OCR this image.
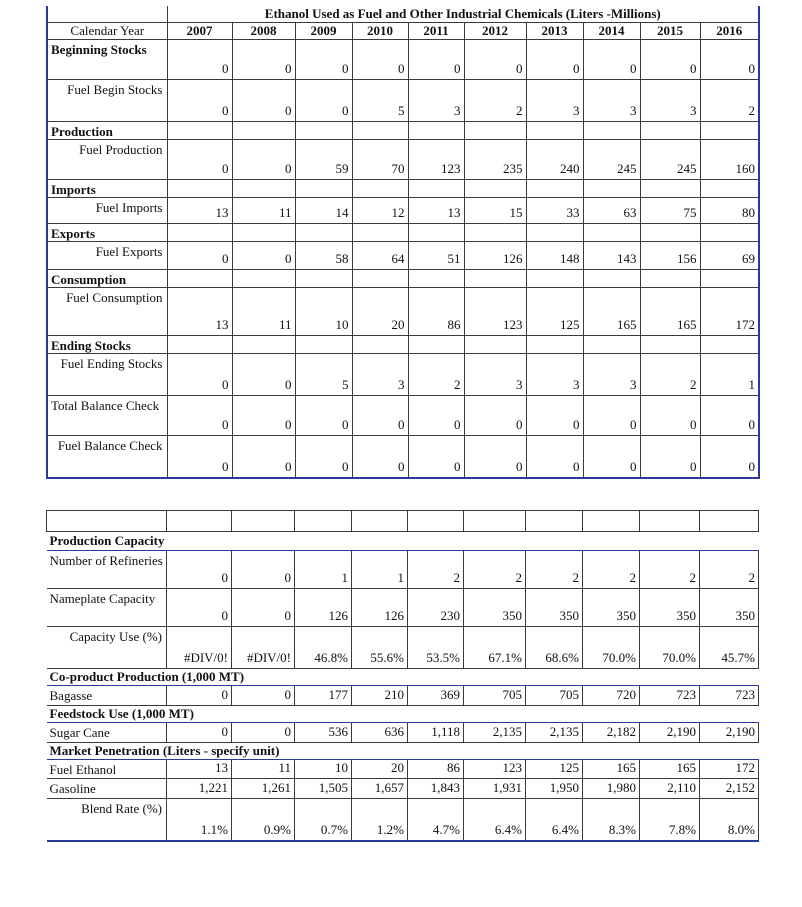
	Ethanol Used as Fuel and Other Industrial Chemicals (Liters -Millions)									
Calendar Year	2007	2008	2009	2010	2011	2012	2013	2014	2015	2016
Beginning Stocks	0	0	0	0	0	0	0	0	0	0
Fuel Begin Stocks	0	0	0	5	3	2	3	3	3	2
Production										
Fuel Production	0	0	59	70	123	235	240	245	245	160
Imports										
Fuel Imports	13	11	14	12	13	15	33	63	75	80
Exports										
Fuel Exports	0	0	58	64	51	126	148	143	156	69
Consumption										
Fuel Consumption	13	11	10	20	86	123	125	165	165	172
Ending Stocks										
Fuel Ending Stocks	0	0	5	3	2	3	3	3	2	1
Total Balance Check	0	0	0	0	0	0	0	0	0	0
Fuel Balance Check	0	0	0	0	0	0	0	0	0	0

Production Capacity										
Number of Refineries	0	0	1	1	2	2	2	2	2	2
Nameplate Capacity	0	0	126	126	230	350	350	350	350	350
Capacity Use (%)	#DIV/0!	#DIV/0!	46.8%	55.6%	53.5%	67.1%	68.6%	70.0%	70.0%	45.7%
Co-product Production (1,000 MT)										
Bagasse	0	0	177	210	369	705	705	720	723	723
Feedstock Use (1,000 MT)										
Sugar Cane	0	0	536	636	1,118	2,135	2,135	2,182	2,190	2,190
Market Penetration (Liters - specify unit)										
Fuel Ethanol	13	11	10	20	86	123	125	165	165	172
Gasoline	1,221	1,261	1,505	1,657	1,843	1,931	1,950	1,980	2,110	2,152
Blend Rate (%)	1.1%	0.9%	0.7%	1.2%	4.7%	6.4%	6.4%	8.3%	7.8%	8.0%
